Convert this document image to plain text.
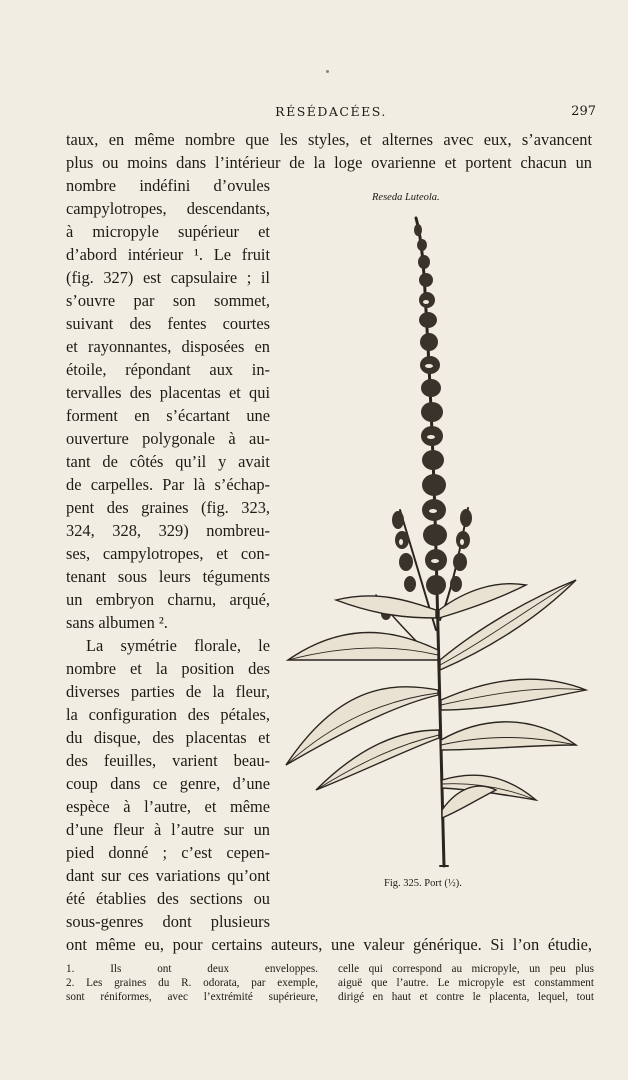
RÉSÉDACÉES.	297
taux, en même nombre que les styles, et alternes avec eux, s’avancent
plus ou moins dans l’intérieur de la loge ovarienne et portent chacun un
nombre indéfini d’ovules
campylotropes, descendants,
à micropyle supérieur et
d’abord intérieur ¹. Le fruit
(fig. 327) est capsulaire ; il
s’ouvre par son sommet,
suivant des fentes courtes
et rayonnantes, disposées en
étoile, répondant aux in-
tervalles des placentas et qui
forment en s’écartant une
ouverture polygonale à au-
tant de côtés qu’il y avait
de carpelles. Par là s’échap-
pent des graines (fig. 323,
324, 328, 329) nombreu-
ses, campylotropes, et con-
tenant sous leurs téguments
un embryon charnu, arqué,
sans albumen ².
La symétrie florale, le
nombre et la position des
diverses parties de la fleur,
la configuration des pétales,
du disque, des placentas et
des feuilles, varient beau-
coup dans ce genre, d’une
espèce à l’autre, et même
d’une fleur à l’autre sur un
pied donné ; c’est cepen-
dant sur ces variations qu’ont
été établies des sections ou
sous-genres dont plusieurs
ont même eu, pour certains auteurs, une valeur générique. Si l’on étudie,
Reseda Luteola.
Fig. 325. Port (½).
1. Ils ont deux enveloppes.
2. Les graines du R. odorata, par exemple,
sont réniformes, avec l’extrémité supérieure,
celle qui correspond au micropyle, un peu plus
aiguë que l’autre. Le micropyle est constamment
dirigé en haut et contre le placenta, lequel, tout
